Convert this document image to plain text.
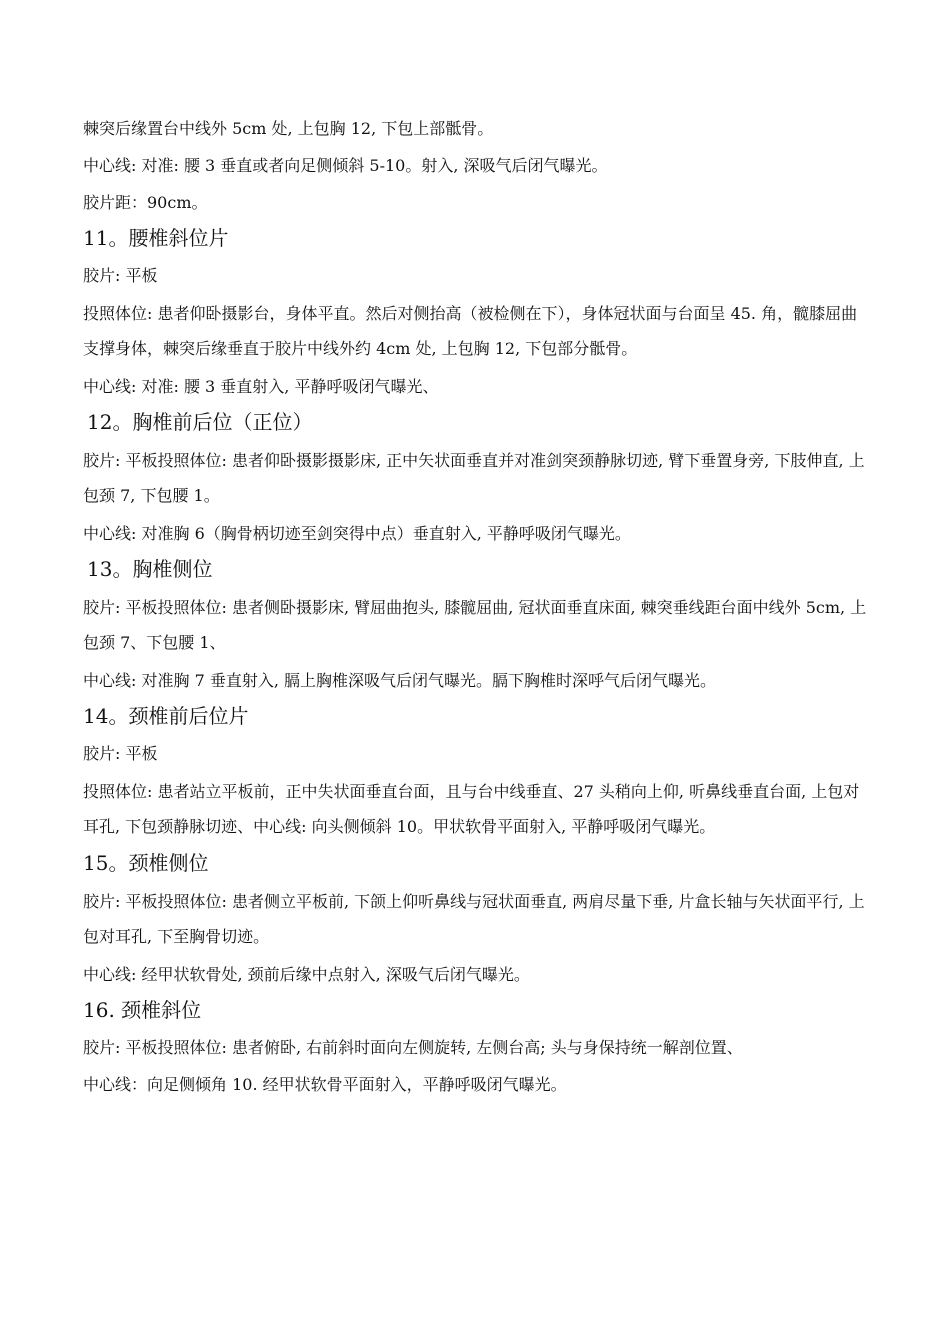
棘突后缘置台中线外 5cm 处, 上包胸 12, 下包上部骶骨。

中心线: 对准: 腰 3 垂直或者向足侧倾斜 5-10。射入, 深吸气后闭气曝光。

胶片距：90cm。

11。腰椎斜位片

胶片: 平板

投照体位: 患者仰卧摄影台，身体平直。然后对侧抬高（被检侧在下），身体冠状面与台面呈 45. 角，髋膝屈曲支撑身体，棘突后缘垂直于胶片中线外约 4cm 处, 上包胸 12, 下包部分骶骨。

中心线: 对准: 腰 3 垂直射入, 平静呼吸闭气曝光、

12。胸椎前后位（正位）

胶片: 平板投照体位: 患者仰卧摄影摄影床, 正中矢状面垂直并对准剑突颈静脉切迹, 臂下垂置身旁, 下肢伸直, 上包颈 7, 下包腰 1。

中心线: 对准胸 6（胸骨柄切迹至剑突得中点）垂直射入, 平静呼吸闭气曝光。

13。胸椎侧位

胶片: 平板投照体位: 患者侧卧摄影床, 臂屈曲抱头, 膝髋屈曲, 冠状面垂直床面, 棘突垂线距台面中线外 5cm, 上包颈 7、下包腰 1、

中心线: 对准胸 7 垂直射入, 膈上胸椎深吸气后闭气曝光。膈下胸椎时深呼气后闭气曝光。

14。颈椎前后位片

胶片: 平板

投照体位: 患者站立平板前，正中失状面垂直台面，且与台中线垂直、27 头稍向上仰, 听鼻线垂直台面, 上包对耳孔, 下包颈静脉切迹、中心线: 向头侧倾斜 10。甲状软骨平面射入, 平静呼吸闭气曝光。

15。颈椎侧位

胶片: 平板投照体位: 患者侧立平板前, 下颌上仰听鼻线与冠状面垂直, 两肩尽量下垂, 片盒长轴与矢状面平行, 上包对耳孔, 下至胸骨切迹。

中心线: 经甲状软骨处, 颈前后缘中点射入, 深吸气后闭气曝光。

16. 颈椎斜位

胶片: 平板投照体位: 患者俯卧, 右前斜时面向左侧旋转, 左侧台高; 头与身保持统一解剖位置、

中心线：向足侧倾角 10. 经甲状软骨平面射入，平静呼吸闭气曝光。
